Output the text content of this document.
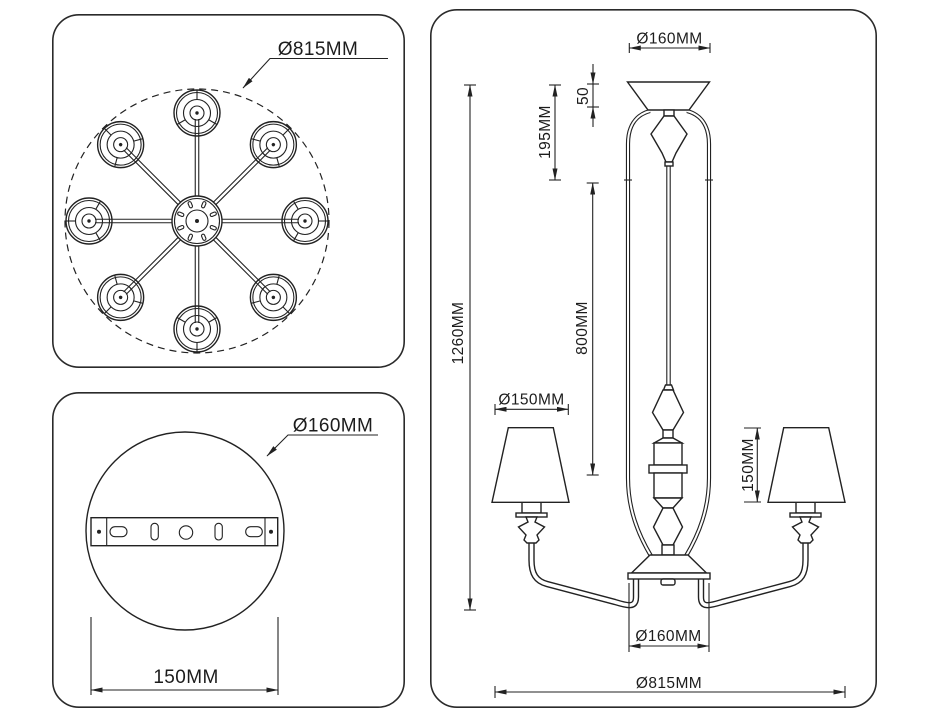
Ø815MM
Ø160MM
150MM
Ø160MM
1260MM
195MM
50
800MM
Ø150MM
150MM
Ø160MM
Ø815MM
